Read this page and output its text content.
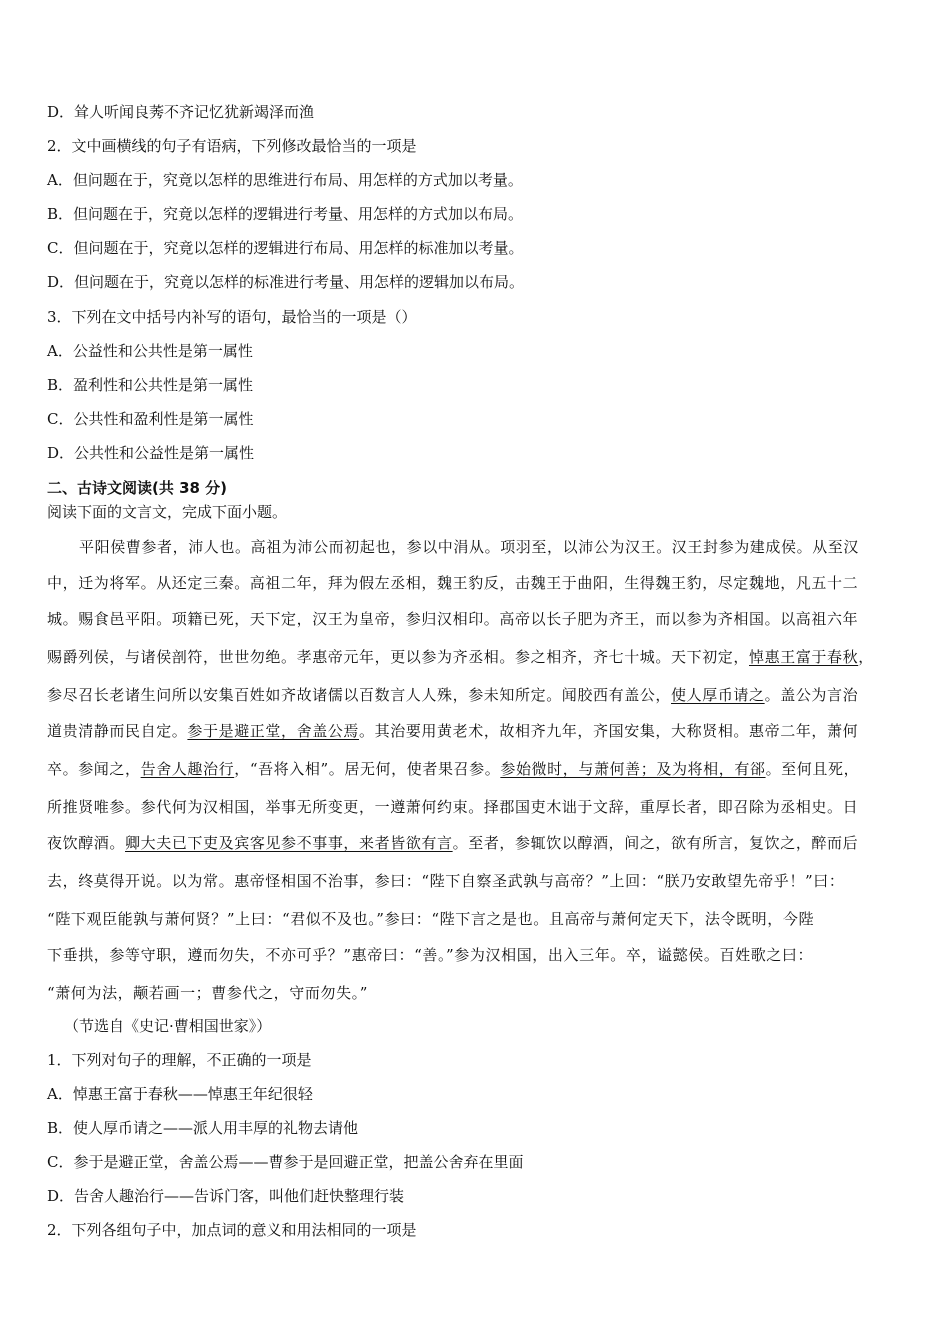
D．耸人听闻良莠不齐记忆犹新竭泽而渔
2．文中画横线的句子有语病，下列修改最恰当的一项是
A．但问题在于，究竟以怎样的思维进行布局、用怎样的方式加以考量。
B．但问题在于，究竟以怎样的逻辑进行考量、用怎样的方式加以布局。
C．但问题在于，究竟以怎样的逻辑进行布局、用怎样的标准加以考量。
D．但问题在于，究竟以怎样的标准进行考量、用怎样的逻辑加以布局。
3．下列在文中括号内补写的语句，最恰当的一项是（）
A．公益性和公共性是第一属性
B．盈利性和公共性是第一属性
C．公共性和盈利性是第一属性
D．公共性和公益性是第一属性
二、古诗文阅读(共 38 分)
阅读下面的文言文，完成下面小题。
平阳侯曹参者，沛人也。高祖为沛公而初起也，参以中涓从。项羽至，以沛公为汉王。汉王封参为建成侯。从至汉
中，迁为将军。从还定三秦。高祖二年，拜为假左丞相，魏王豹反，击魏王于曲阳，生得魏王豹，尽定魏地，凡五十二
城。赐食邑平阳。项籍已死，天下定，汉王为皇帝，参归汉相印。高帝以长子肥为齐王，而以参为齐相国。以高祖六年
赐爵列侯，与诸侯剖符，世世勿绝。孝惠帝元年，更以参为齐丞相。参之相齐，齐七十城。天下初定，悼惠王富于春秋，
参尽召长老诸生问所以安集百姓如齐故诸儒以百数言人人殊，参未知所定。闻胶西有盖公，使人厚币请之。盖公为言治
道贵清静而民自定。参于是避正堂，舍盖公焉。其治要用黄老术，故相齐九年，齐国安集，大称贤相。惠帝二年，萧何
卒。参闻之，告舍人趣治行，“吾将入相”。居无何，使者果召参。参始微时，与萧何善；及为将相，有郤。至何且死，
所推贤唯参。参代何为汉相国，举事无所变更，一遵萧何约束。择郡国吏木诎于文辞，重厚长者，即召除为丞相史。日
夜饮醇酒。卿大夫已下吏及宾客见参不事事，来者皆欲有言。至者，参辄饮以醇酒，间之，欲有所言，复饮之，醉而后
去，终莫得开说。以为常。惠帝怪相国不治事，参曰：“陛下自察圣武孰与高帝？”上回：“朕乃安敢望先帝乎！”曰：
“陛下观臣能孰与萧何贤？”上曰：“君似不及也。”参曰：“陛下言之是也。且高帝与萧何定天下，法令既明，今陛
下垂拱，参等守职，遵而勿失，不亦可乎？”惠帝曰：“善。”参为汉相国，出入三年。卒，谥懿侯。百姓歌之曰：
“萧何为法，颟若画一；曹参代之，守而勿失。”
（节选自《史记·曹相国世家》）
1．下列对句子的理解，不正确的一项是
A．悼惠王富于春秋——悼惠王年纪很轻
B．使人厚币请之——派人用丰厚的礼物去请他
C．参于是避正堂，舍盖公焉——曹参于是回避正堂，把盖公舍弃在里面
D．告舍人趣治行——告诉门客，叫他们赶快整理行装
2．下列各组句子中，加点词的意义和用法相同的一项是
